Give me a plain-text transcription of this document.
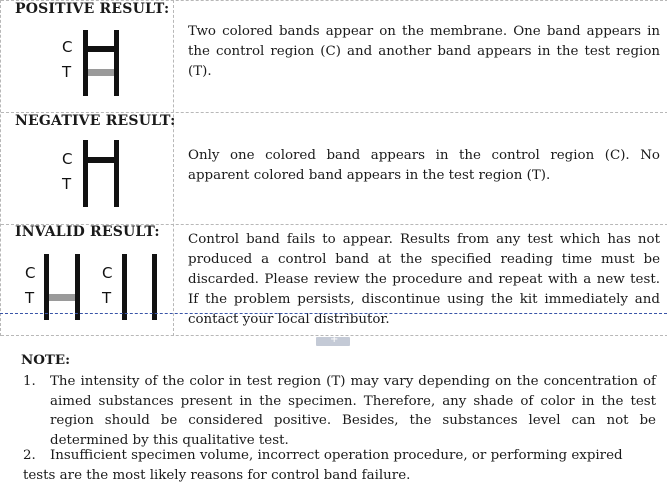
POSITIVE RESULT:
C
T
Two colored bands appear on the membrane. One band appears in the control region (C) and another band appears in the test region (T).
NEGATIVE RESULT:
C
T
Only one colored band appears in the control region (C). No apparent colored band appears in the test region (T).
INVALID RESULT:
C
T
C
T
Control band fails to appear. Results from any test which has not produced a control band at the specified reading time must be discarded. Please review the procedure and repeat with a new test. If the problem persists, discontinue using the kit immediately and contact your local distributor.
+
NOTE:
1. The intensity of the color in test region (T) may vary depending on the concentration of aimed substances present in the specimen. Therefore, any shade of color in the test region should be considered positive. Besides, the substances level can not be determined by this qualitative test.
2. Insufficient specimen volume, incorrect operation procedure, or performing expired
tests are the most likely reasons for control band failure.
